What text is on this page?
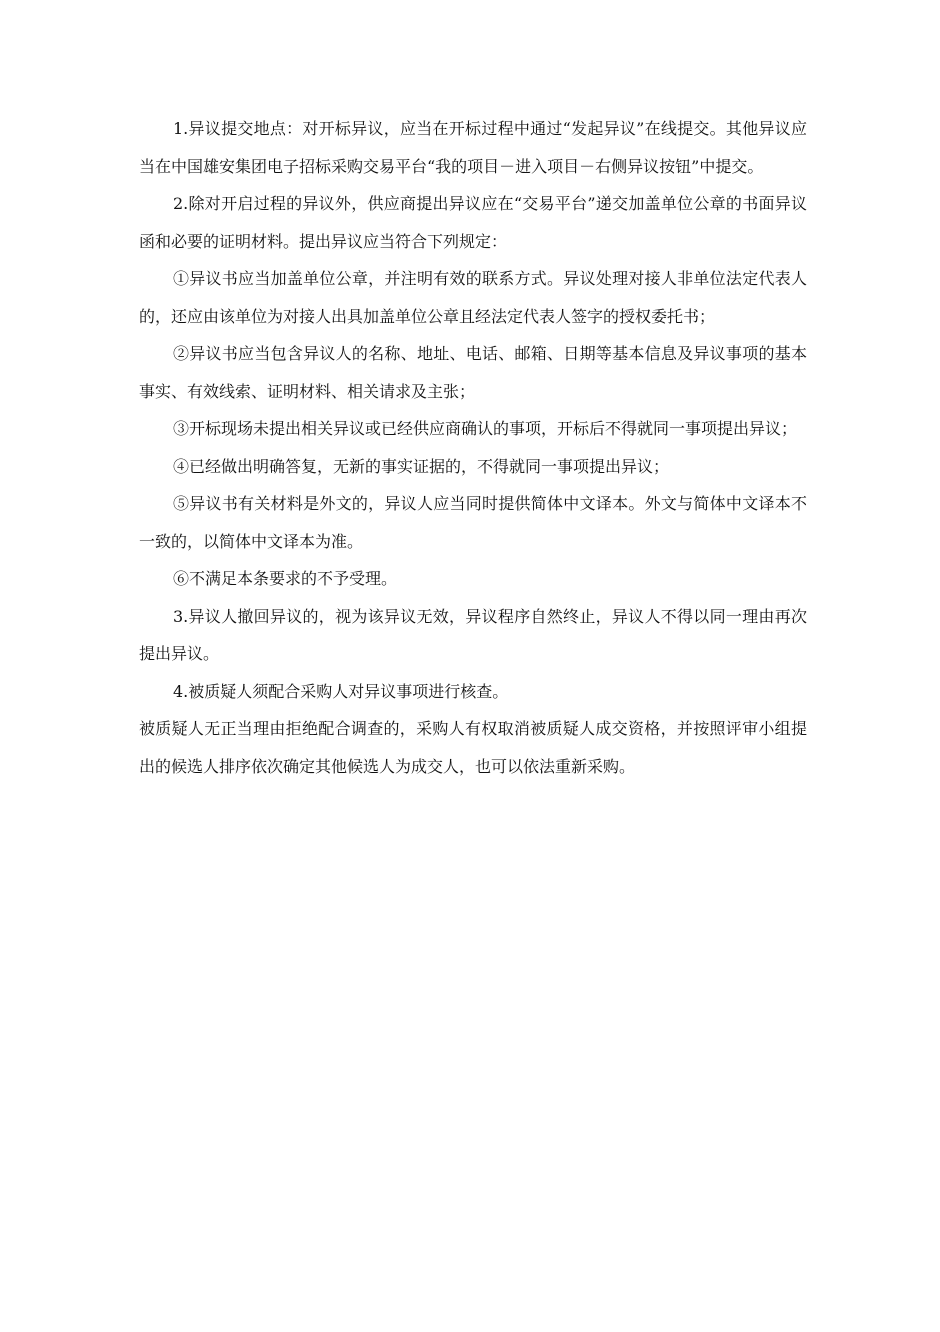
1.异议提交地点：对开标异议，应当在开标过程中通过“发起异议”在线提交。其他异议应当在中国雄安集团电子招标采购交易平台“我的项目－进入项目－右侧异议按钮”中提交。

2.除对开启过程的异议外，供应商提出异议应在“交易平台”递交加盖单位公章的书面异议函和必要的证明材料。提出异议应当符合下列规定：

①异议书应当加盖单位公章，并注明有效的联系方式。异议处理对接人非单位法定代表人的，还应由该单位为对接人出具加盖单位公章且经法定代表人签字的授权委托书；

②异议书应当包含异议人的名称、地址、电话、邮箱、日期等基本信息及异议事项的基本事实、有效线索、证明材料、相关请求及主张；

③开标现场未提出相关异议或已经供应商确认的事项，开标后不得就同一事项提出异议；

④已经做出明确答复，无新的事实证据的，不得就同一事项提出异议；

⑤异议书有关材料是外文的，异议人应当同时提供简体中文译本。外文与简体中文译本不一致的，以简体中文译本为准。

⑥不满足本条要求的不予受理。

3.异议人撤回异议的，视为该异议无效，异议程序自然终止，异议人不得以同一理由再次提出异议。

4.被质疑人须配合采购人对异议事项进行核查。

被质疑人无正当理由拒绝配合调查的，采购人有权取消被质疑人成交资格，并按照评审小组提出的候选人排序依次确定其他候选人为成交人，也可以依法重新采购。
